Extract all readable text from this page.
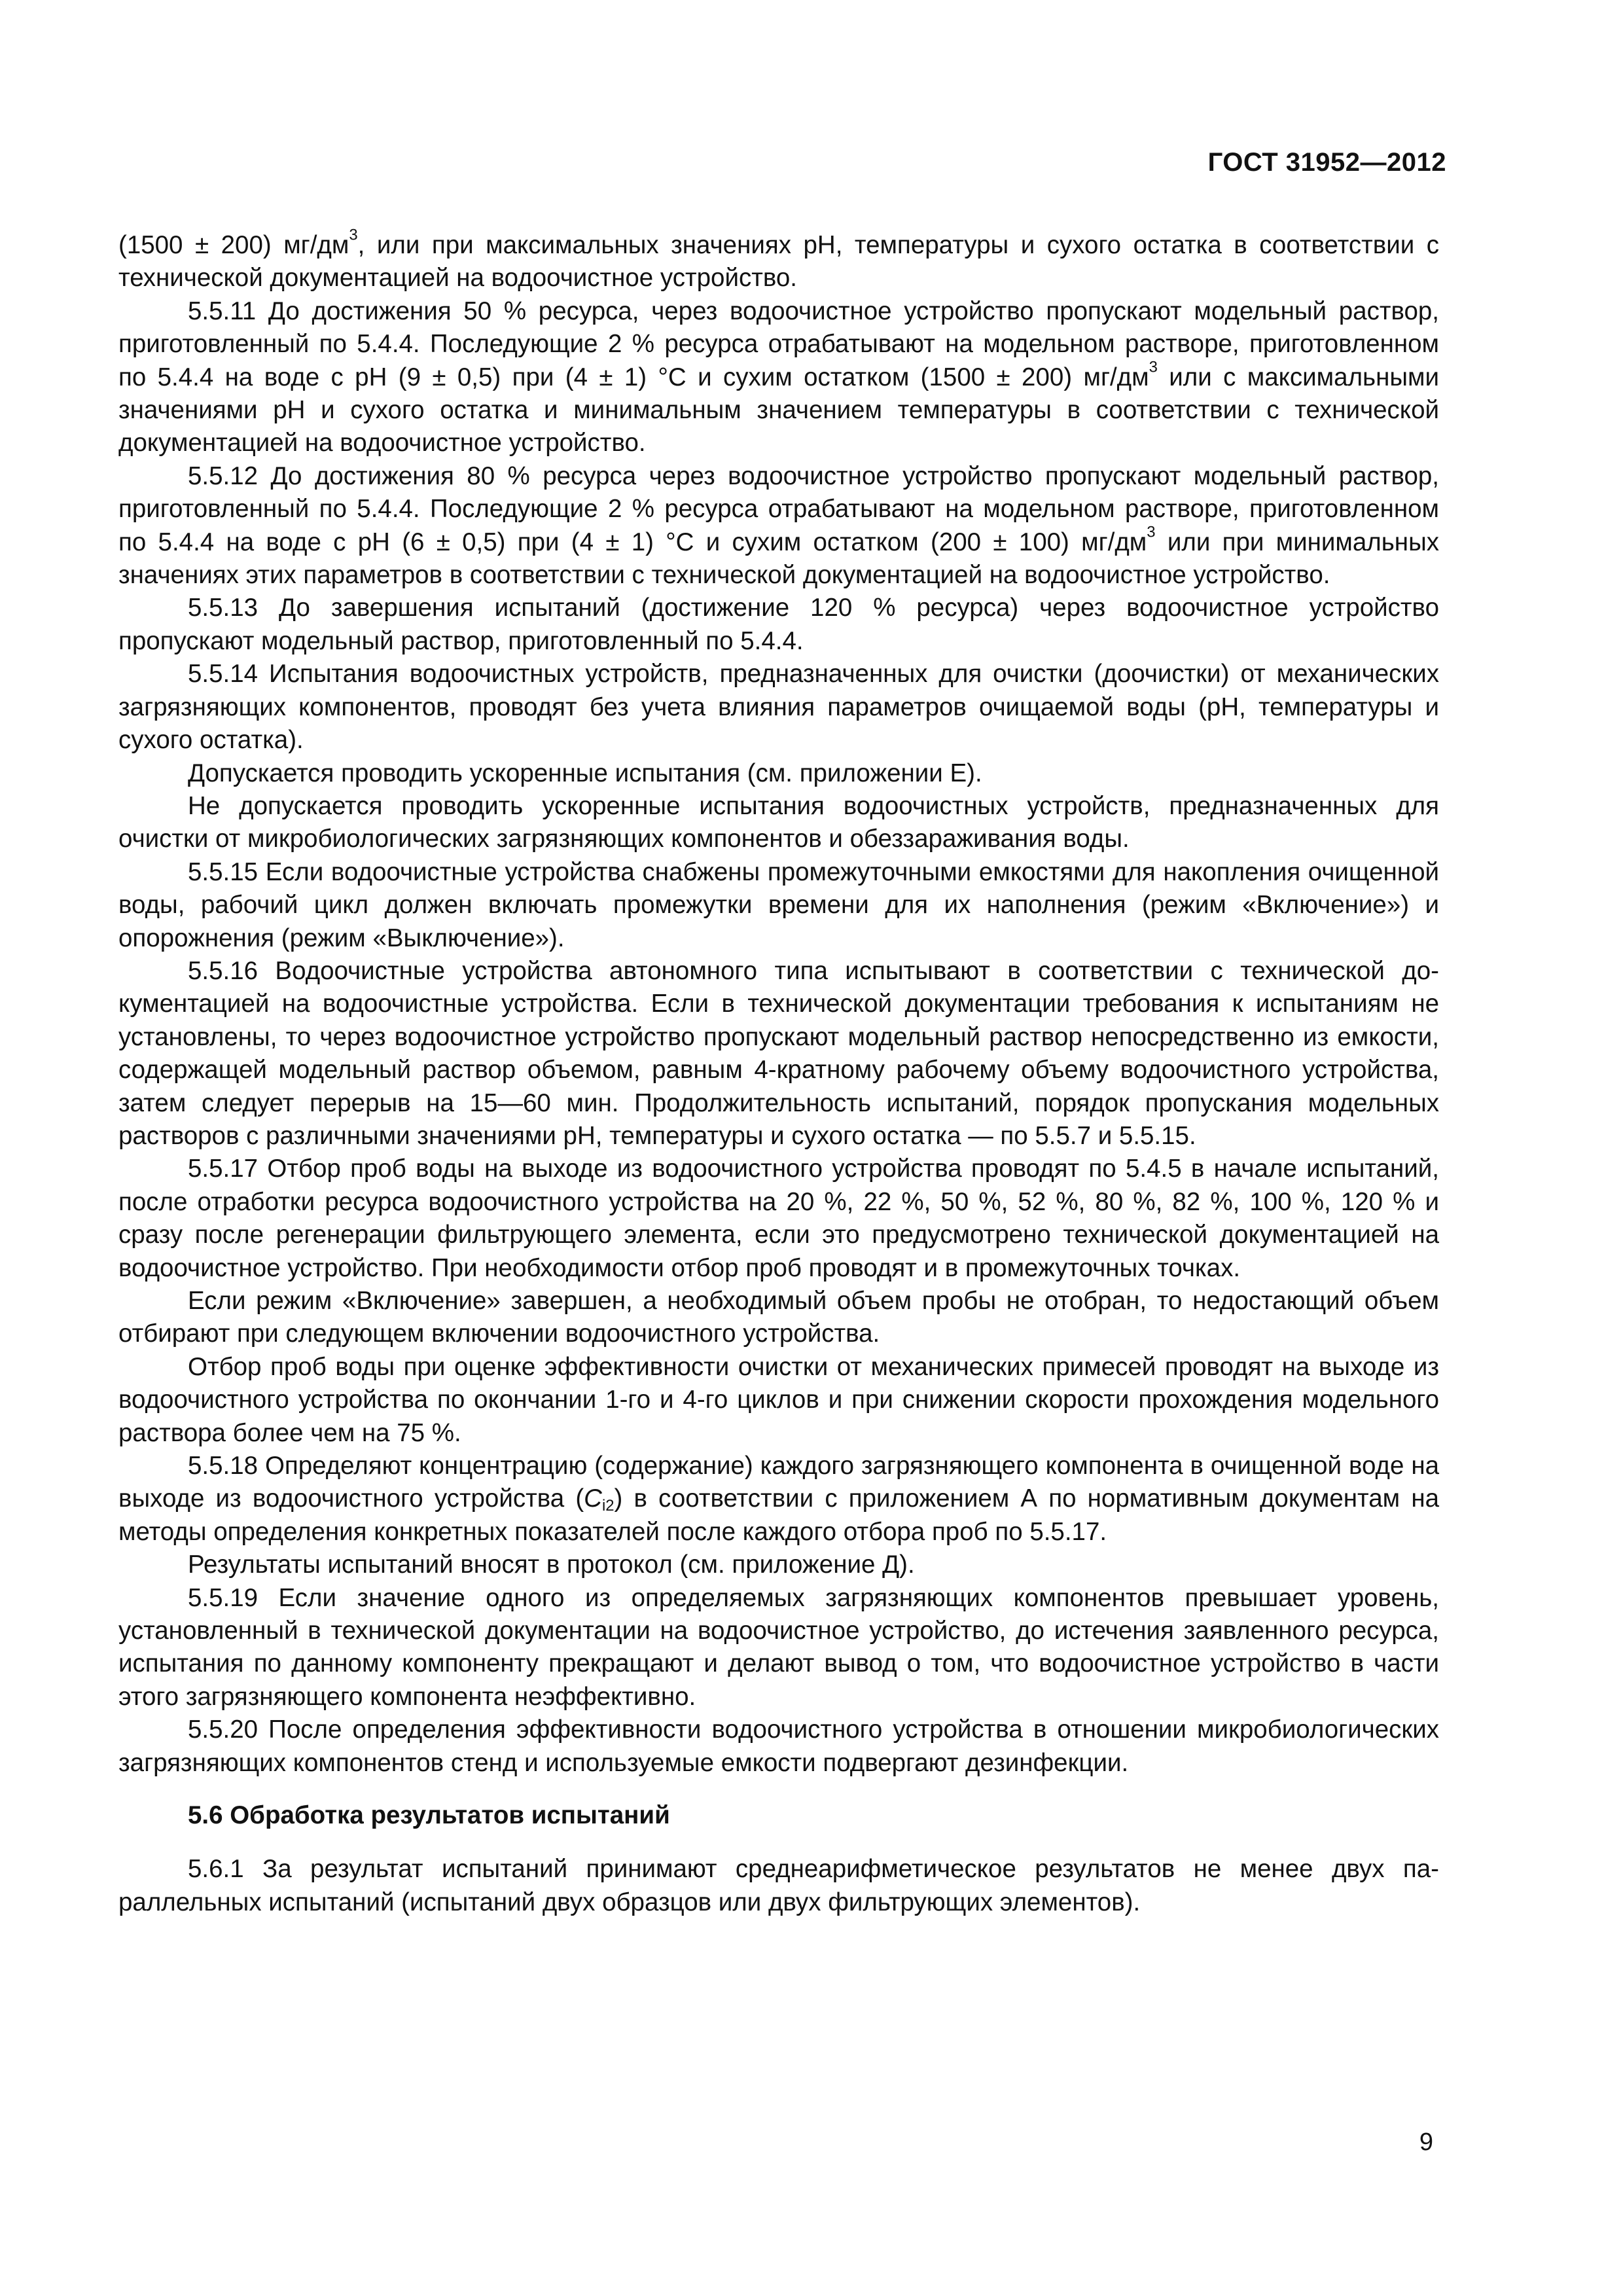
ГОСТ 31952—2012

(1500 ± 200) $мг/дм^3$, или при максимальных значениях pH, температуры и сухого остатка в соответствии с технической документацией на водоочистное устройство.

5.5.11 До достижения 50 % ресурса, через водоочистное устройство пропускают модельный раствор, приготовленный по 5.4.4. Последующие 2 % ресурса отрабатывают на модельном растворе, приготовленном по 5.4.4 на воде с pH (9 ± 0,5) при (4 ± 1) °С и сухим остатком (1500 ± 200) $мг/дм^3$ или с максимальными значениями pH и сухого остатка и минимальным значением температуры в соответствии с технической документацией на водоочистное устройство.

5.5.12 До достижения 80 % ресурса через водоочистное устройство пропускают модельный раствор, приготовленный по 5.4.4. Последующие 2 % ресурса отрабатывают на модельном растворе, приготовленном по 5.4.4 на воде с pH (6 ± 0,5) при (4 ± 1) °С и сухим остатком (200 ± 100) $мг/дм^3$ или при минимальных значениях этих параметров в соответствии с технической документацией на водоочистное устройство.

5.5.13 До завершения испытаний (достижение 120 % ресурса) через водоочистное устройство пропускают модельный раствор, приготовленный по 5.4.4.

5.5.14 Испытания водоочистных устройств, предназначенных для очистки (доочистки) от механических загрязняющих компонентов, проводят без учета влияния параметров очищаемой воды (pH, температуры и сухого остатка).

Допускается проводить ускоренные испытания (см. приложении Е).

Не допускается проводить ускоренные испытания водоочистных устройств, предназначенных для очистки от микробиологических загрязняющих компонентов и обеззараживания воды.

5.5.15 Если водоочистные устройства снабжены промежуточными емкостями для накопления очищенной воды, рабочий цикл должен включать промежутки времени для их наполнения (режим «Включение») и опорожнения (режим «Выключение»).

5.5.16 Водоочистные устройства автономного типа испытывают в соответствии с технической документацией на водоочистные устройства. Если в технической документации требования к испытаниям не установлены, то через водоочистное устройство пропускают модельный раствор непосредственно из емкости, содержащей модельный раствор объемом, равным 4-кратному рабочему объему водоочистного устройства, затем следует перерыв на 15—60 мин. Продолжительность испытаний, порядок пропускания модельных растворов с различными значениями pH, температуры и сухого остатка — по 5.5.7 и 5.5.15.

5.5.17 Отбор проб воды на выходе из водоочистного устройства проводят по 5.4.5 в начале испытаний, после отработки ресурса водоочистного устройства на 20 %, 22 %, 50 %, 52 %, 80 %, 82 %, 100 %, 120 % и сразу после регенерации фильтрующего элемента, если это предусмотрено технической документацией на водоочистное устройство. При необходимости отбор проб проводят и в промежуточных точках.

Если режим «Включение» завершен, а необходимый объем пробы не отобран, то недостающий объем отбирают при следующем включении водоочистного устройства.

Отбор проб воды при оценке эффективности очистки от механических примесей проводят на выходе из водоочистного устройства по окончании 1-го и 4-го циклов и при снижении скорости прохождения модельного раствора более чем на 75 %.

5.5.18 Определяют концентрацию (содержание) каждого загрязняющего компонента в очищенной воде на выходе из водоочистного устройства $(C_{i2})$ в соответствии с приложением А по нормативным документам на методы определения конкретных показателей после каждого отбора проб по 5.5.17.

Результаты испытаний вносят в протокол (см. приложение Д).

5.5.19 Если значение одного из определяемых загрязняющих компонентов превышает уровень, установленный в технической документации на водоочистное устройство, до истечения заявленного ресурса, испытания по данному компоненту прекращают и делают вывод о том, что водоочистное устройство в части этого загрязняющего компонента неэффективно.

5.5.20 После определения эффективности водоочистного устройства в отношении микробиологических загрязняющих компонентов стенд и используемые емкости подвергают дезинфекции.

5.6 Обработка результатов испытаний

5.6.1 За результат испытаний принимают среднеарифметическое результатов не менее двух параллельных испытаний (испытаний двух образцов или двух фильтрующих элементов).

9
